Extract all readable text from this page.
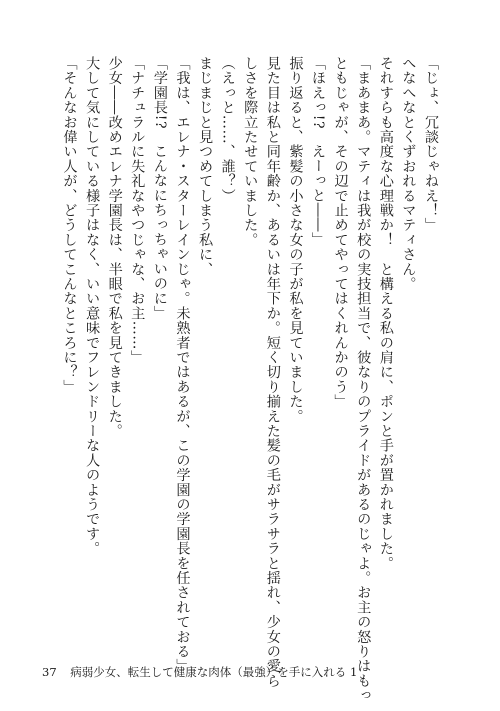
「じょ、冗談じゃねえ！」
へなへなとくずおれるマティさん。
それすらも高度な心理戦か！　と構える私の肩に、ポンと手が置かれました。
「まあまあ。マティは我が校の実技担当で、彼なりのプライドがあるのじゃよ。お主の怒りはもっ
ともじゃが、その辺で止めてやってはくれんかのう」
「ほえっ!?　えーっと――」
振り返ると、紫髪の小さな女の子が私を見ていました。
見た目は私と同年齢か、あるいは年下か。短く切り揃えた髪の毛がサラサラと揺れ、少女の愛ら
しさを際立たせていました。
（えっと……、誰？）
まじまじと見つめてしまう私に、
「我は、エレナ・スターレインじゃ。未熟者ではあるが、この学園の学園長を任されておる」
「学園長!?　こんなにちっちゃいのに」
「ナチュラルに失礼なやつじゃな、お主……」
少女――改めエレナ学園長は、半眼で私を見てきました。
大して気にしている様子はなく、いい意味でフレンドリーな人のようです。
「そんなお偉い人が、どうしてこんなところに？」
37 病弱少女、転生して健康な肉体（最強）を手に入れる 1
